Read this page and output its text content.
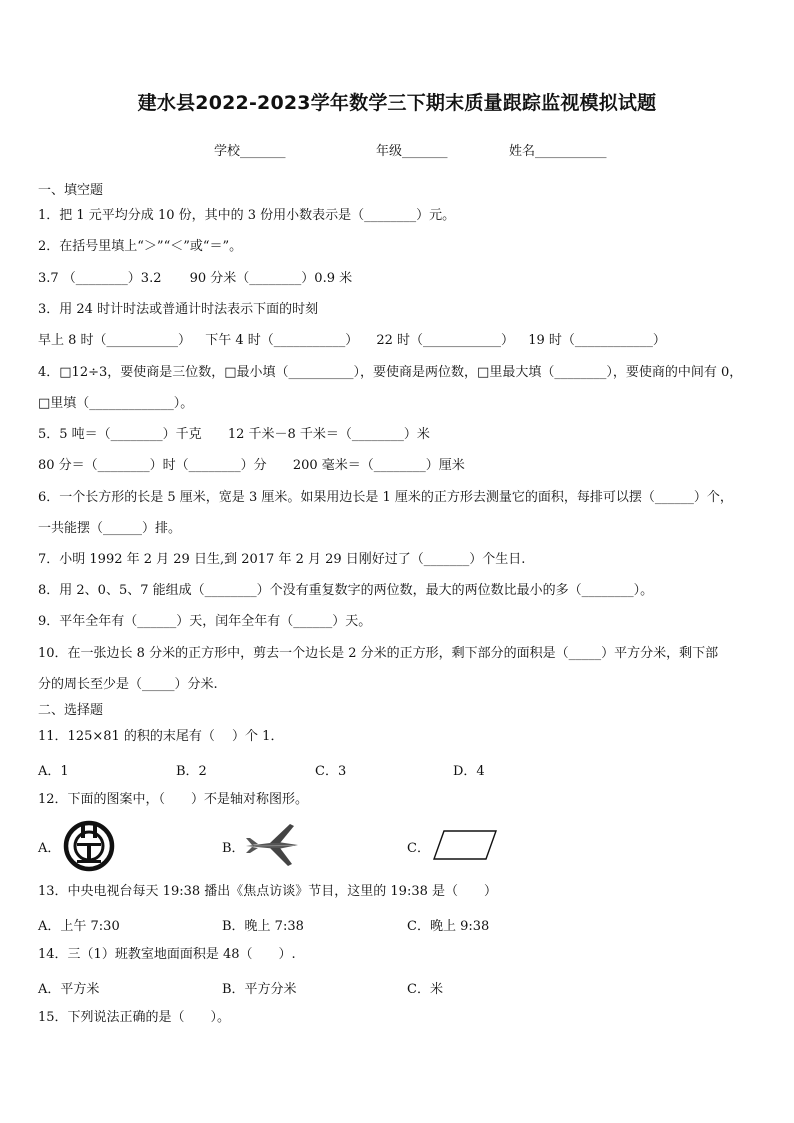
建水县2022-2023学年数学三下期末质量跟踪监视模拟试题
学校_______	年级_______	姓名___________
一、填空题
1．把 1 元平均分成 10 份，其中的 3 份用小数表示是（________）元。
2．在括号里填上“＞”“＜”或“＝”。
3.7 （________）3.2 90 分米（________）0.9 米
3．用 24 时计时法或普通计时法表示下面的时刻
早上 8 时（___________） 下午 4 时（___________） 22 时（____________） 19 时（____________）
4．□12÷3，要使商是三位数，□最小填（__________），要使商是两位数，□里最大填（________），要使商的中间有 0，
□里填（_____________）。
5．5 吨＝（________）千克 12 千米－8 千米＝（________）米
80 分＝（________）时（________）分 200 毫米＝（________）厘米
6．一个长方形的长是 5 厘米，宽是 3 厘米。如果用边长是 1 厘米的正方形去测量它的面积，每排可以摆（______）个，
一共能摆（______）排。
7．小明 1992 年 2 月 29 日生,到 2017 年 2 月 29 日刚好过了（_______）个生日.
8．用 2、0、5、7 能组成（________）个没有重复数字的两位数，最大的两位数比最小的多（________）。
9．平年全年有（______）天，闰年全年有（______）天。
10．在一张边长 8 分米的正方形中，剪去一个边长是 2 分米的正方形，剩下部分的面积是（_____）平方分米，剩下部
分的周长至少是（_____）分米.
二、选择题
11．125×81 的积的末尾有（　 ）个 1．
A．1	B．2	C．3	D．4
12．下面的图案中，（　　）不是轴对称图形。
A．	B．	C．
13．中央电视台每天 19:38 播出《焦点访谈》节目，这里的 19:38 是（　　）
A．上午 7:30	B．晚上 7:38	C．晚上 9:38
14．三（1）班教室地面面积是 48（　　）.
A．平方米	B．平方分米	C．米
15．下列说法正确的是（　　）。
